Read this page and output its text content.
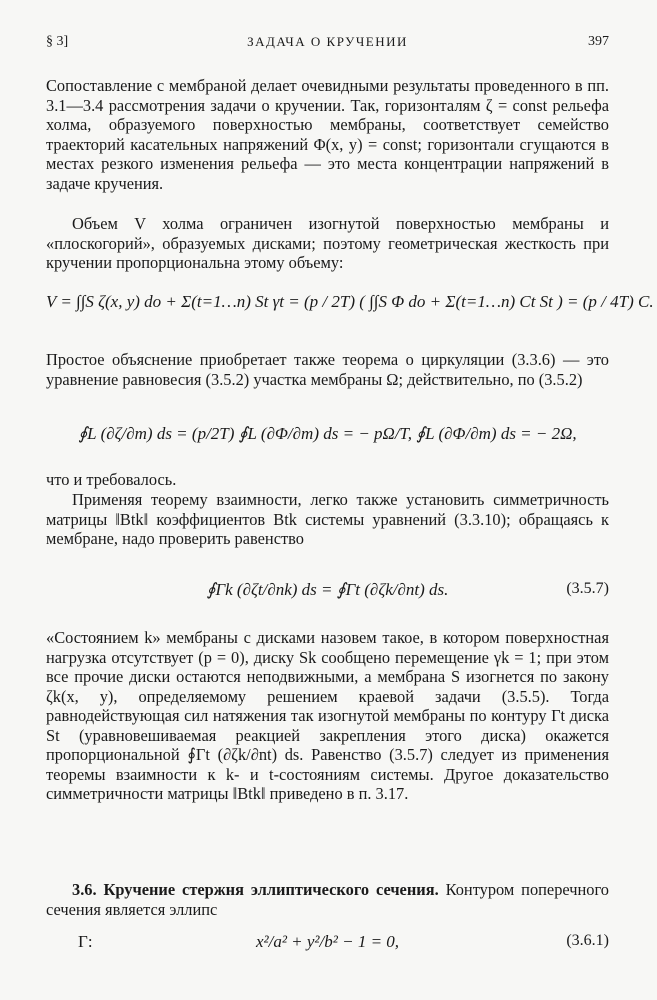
§ 3]	ЗАДАЧА О КРУЧЕНИИ	397

Сопоставление с мембраной делает очевидными результаты проведенного в пп. 3.1—3.4 рассмотрения задачи о кручении. Так, горизонталям ζ = const рельефа холма, образуемого поверхностью мембраны, соответствует семейство траекторий касательных напряжений Φ(x, y) = const; горизонтали сгущаются в местах резкого изменения рельефа — это места концентрации напряжений в задаче кручения.

Объем V холма ограничен изогнутой поверхностью мембраны и «плоскогорий», образуемых дисками; поэтому геометрическая жесткость при кручении пропорциональна этому объему:

V = ∫∫S ζ(x, y) do + Σ(t=1…n) St γt = (p / 2T) ( ∫∫S Φ do + Σ(t=1…n) Ct St ) = (p / 4T) C.

Простое объяснение приобретает также теорема о циркуляции (3.3.6) — это уравнение равновесия (3.5.2) участка мембраны Ω; действительно, по (3.5.2)

∮L (∂ζ/∂m) ds = (p/2T) ∮L (∂Φ/∂m) ds = − pΩ/T, ∮L (∂Φ/∂m) ds = − 2Ω,

что и требовалось.

Применяя теорему взаимности, легко также установить симметричность матрицы ‖Btk‖ коэффициентов Btk системы уравнений (3.3.10); обращаясь к мембране, надо проверить равенство

∮Γk (∂ζt/∂nk) ds = ∮Γt (∂ζk/∂nt) ds.	(3.5.7)

«Состоянием k» мембраны с дисками назовем такое, в котором поверхностная нагрузка отсутствует (p = 0), диску Sk сообщено перемещение γk = 1; при этом все прочие диски остаются неподвижными, а мембрана S изогнется по закону ζk(x, y), определяемому решением краевой задачи (3.5.5). Тогда равнодействующая сил натяжения так изогнутой мембраны по контуру Γt диска St (уравновешиваемая реакцией закрепления этого диска) окажется пропорциональной ∮Γt (∂ζk/∂nt) ds. Равенство (3.5.7) следует из применения теоремы взаимности к k- и t-состояниям системы. Другое доказательство симметричности матрицы ‖Btk‖ приведено в п. 3.17.

3.6. Кручение стержня эллиптического сечения. Контуром поперечного сечения является эллипс

Γ:	x²/a² + y²/b² − 1 = 0,	(3.6.1)
